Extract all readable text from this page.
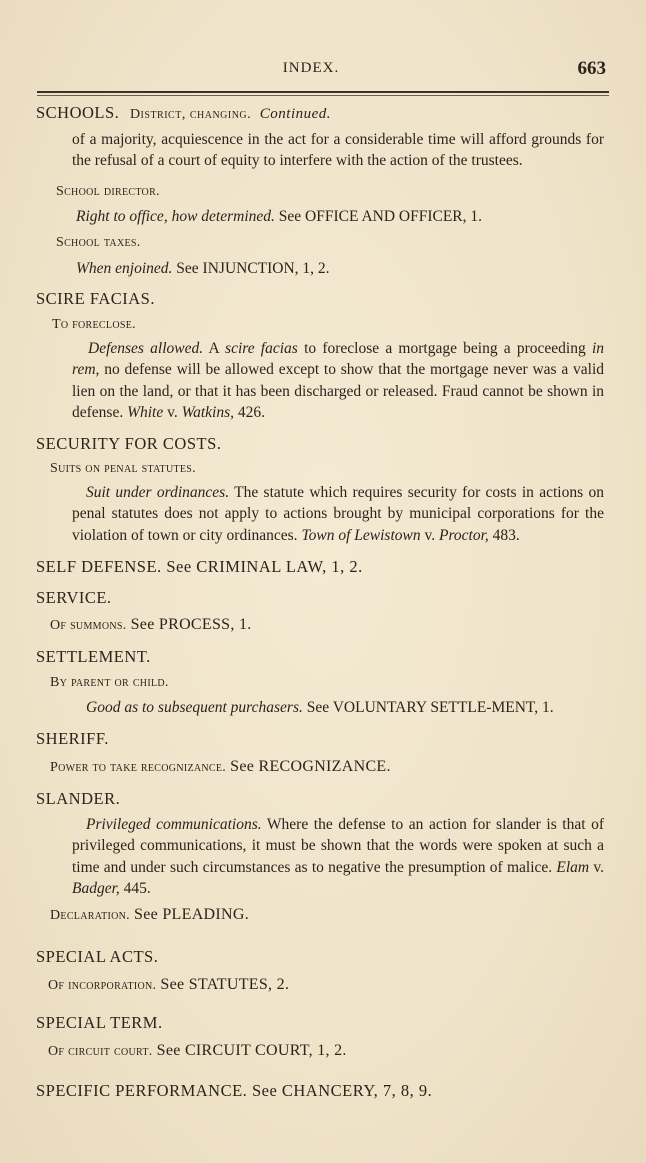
INDEX.	663
SCHOOLS. District, changing. Continued.
of a majority, acquiescence in the act for a considerable time will afford grounds for the refusal of a court of equity to interfere with the action of the trustees.
School director.
Right to office, how determined. See OFFICE AND OFFICER, 1.
School taxes.
When enjoined. See INJUNCTION, 1, 2.
SCIRE FACIAS.
To foreclose.
Defenses allowed. A scire facias to foreclose a mortgage being a proceeding in rem, no defense will be allowed except to show that the mortgage never was a valid lien on the land, or that it has been discharged or released. Fraud cannot be shown in defense. White v. Watkins, 426.
SECURITY FOR COSTS.
Suits on penal statutes.
Suit under ordinances. The statute which requires security for costs in actions on penal statutes does not apply to actions brought by municipal corporations for the violation of town or city ordinances. Town of Lewistown v. Proctor, 483.
SELF DEFENSE. See CRIMINAL LAW, 1, 2.
SERVICE.
Of summons. See PROCESS, 1.
SETTLEMENT.
By parent or child.
Good as to subsequent purchasers. See VOLUNTARY SETTLE-MENT, 1.
SHERIFF.
Power to take recognizance. See RECOGNIZANCE.
SLANDER.
Privileged communications. Where the defense to an action for slander is that of privileged communications, it must be shown that the words were spoken at such a time and under such circumstances as to negative the presumption of malice. Elam v. Badger, 445.
Declaration. See PLEADING.
SPECIAL ACTS.
Of incorporation. See STATUTES, 2.
SPECIAL TERM.
Of circuit court. See CIRCUIT COURT, 1, 2.
SPECIFIC PERFORMANCE. See CHANCERY, 7, 8, 9.
